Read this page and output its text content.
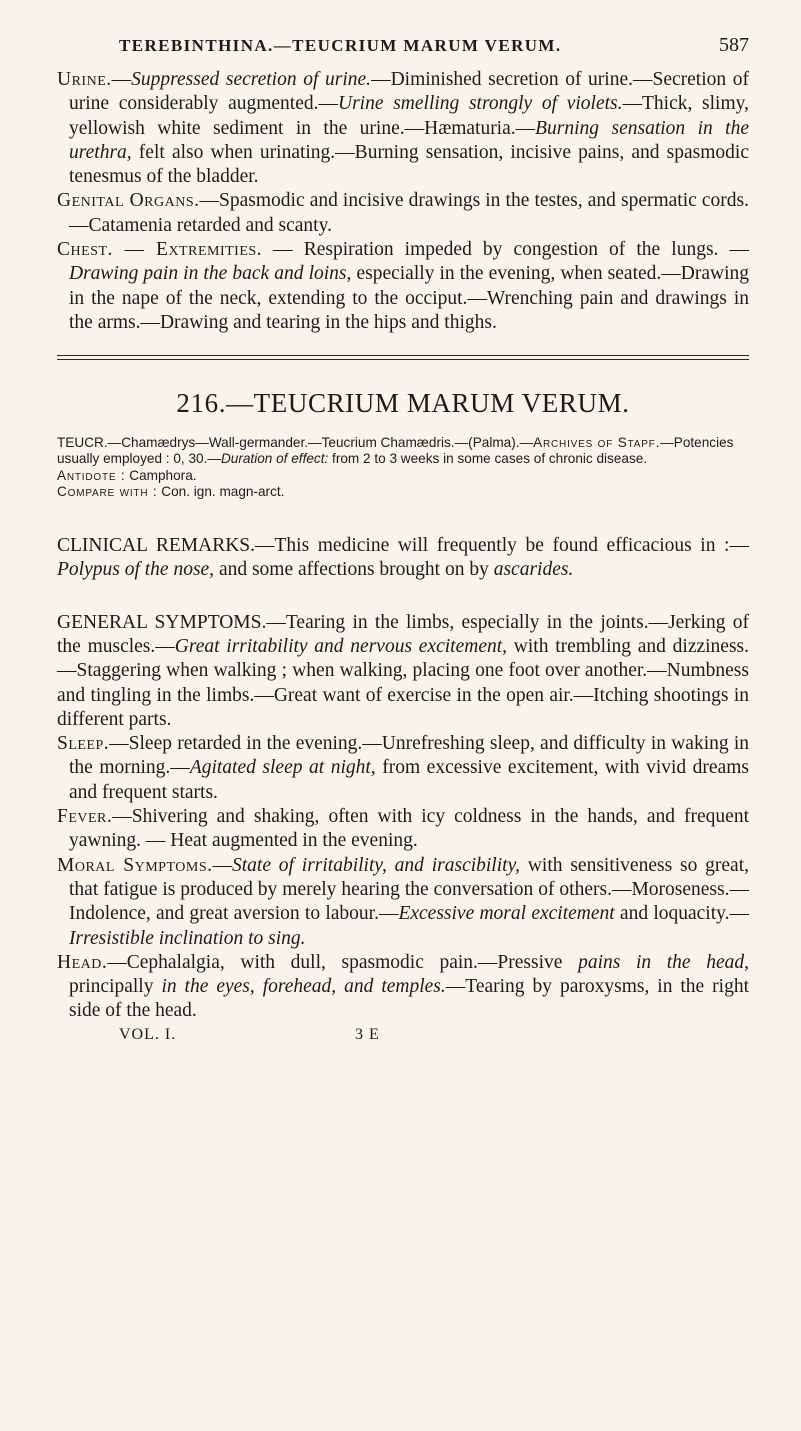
TEREBINTHINA.—TEUCRIUM MARUM VERUM.	587

Urine.—Suppressed secretion of urine.—Diminished secretion of urine.—Secretion of urine considerably augmented.—Urine smelling strongly of violets.—Thick, slimy, yellowish white sediment in the urine.—Hæmaturia.—Burning sensation in the urethra, felt also when urinating.—Burning sensation, incisive pains, and spasmodic tenesmus of the bladder.

Genital Organs.—Spasmodic and incisive drawings in the testes, and spermatic cords.—Catamenia retarded and scanty.

Chest. — Extremities. — Respiration impeded by congestion of the lungs. — Drawing pain in the back and loins, especially in the evening, when seated.—Drawing in the nape of the neck, extending to the occiput.—Wrenching pain and drawings in the arms.—Drawing and tearing in the hips and thighs.

216.—TEUCRIUM MARUM VERUM.
TEUCR.—Chamædrys—Wall-germander.—Teucrium Chamædris.—(Palma).—Archives of Stapf.—Potencies usually employed : 0, 30.—Duration of effect: from 2 to 3 weeks in some cases of chronic disease.
Antidote : Camphora.
Compare with : Con. ign. magn-arct.

CLINICAL REMARKS.—This medicine will frequently be found efficacious in :—Polypus of the nose, and some affections brought on by ascarides.

GENERAL SYMPTOMS.—Tearing in the limbs, especially in the joints.—Jerking of the muscles.—Great irritability and nervous excitement, with trembling and dizziness.—Staggering when walking ; when walking, placing one foot over another.—Numbness and tingling in the limbs.—Great want of exercise in the open air.—Itching shootings in different parts.

Sleep.—Sleep retarded in the evening.—Unrefreshing sleep, and difficulty in waking in the morning.—Agitated sleep at night, from excessive excitement, with vivid dreams and frequent starts.

Fever.—Shivering and shaking, often with icy coldness in the hands, and frequent yawning. — Heat augmented in the evening.

Moral Symptoms.—State of irritability, and irascibility, with sensitiveness so great, that fatigue is produced by merely hearing the conversation of others.—Moroseness.—Indolence, and great aversion to labour.—Excessive moral excitement and loquacity.—Irresistible inclination to sing.

Head.—Cephalalgia, with dull, spasmodic pain.—Pressive pains in the head, principally in the eyes, forehead, and temples.—Tearing by paroxysms, in the right side of the head.

VOL. I.	3 E
